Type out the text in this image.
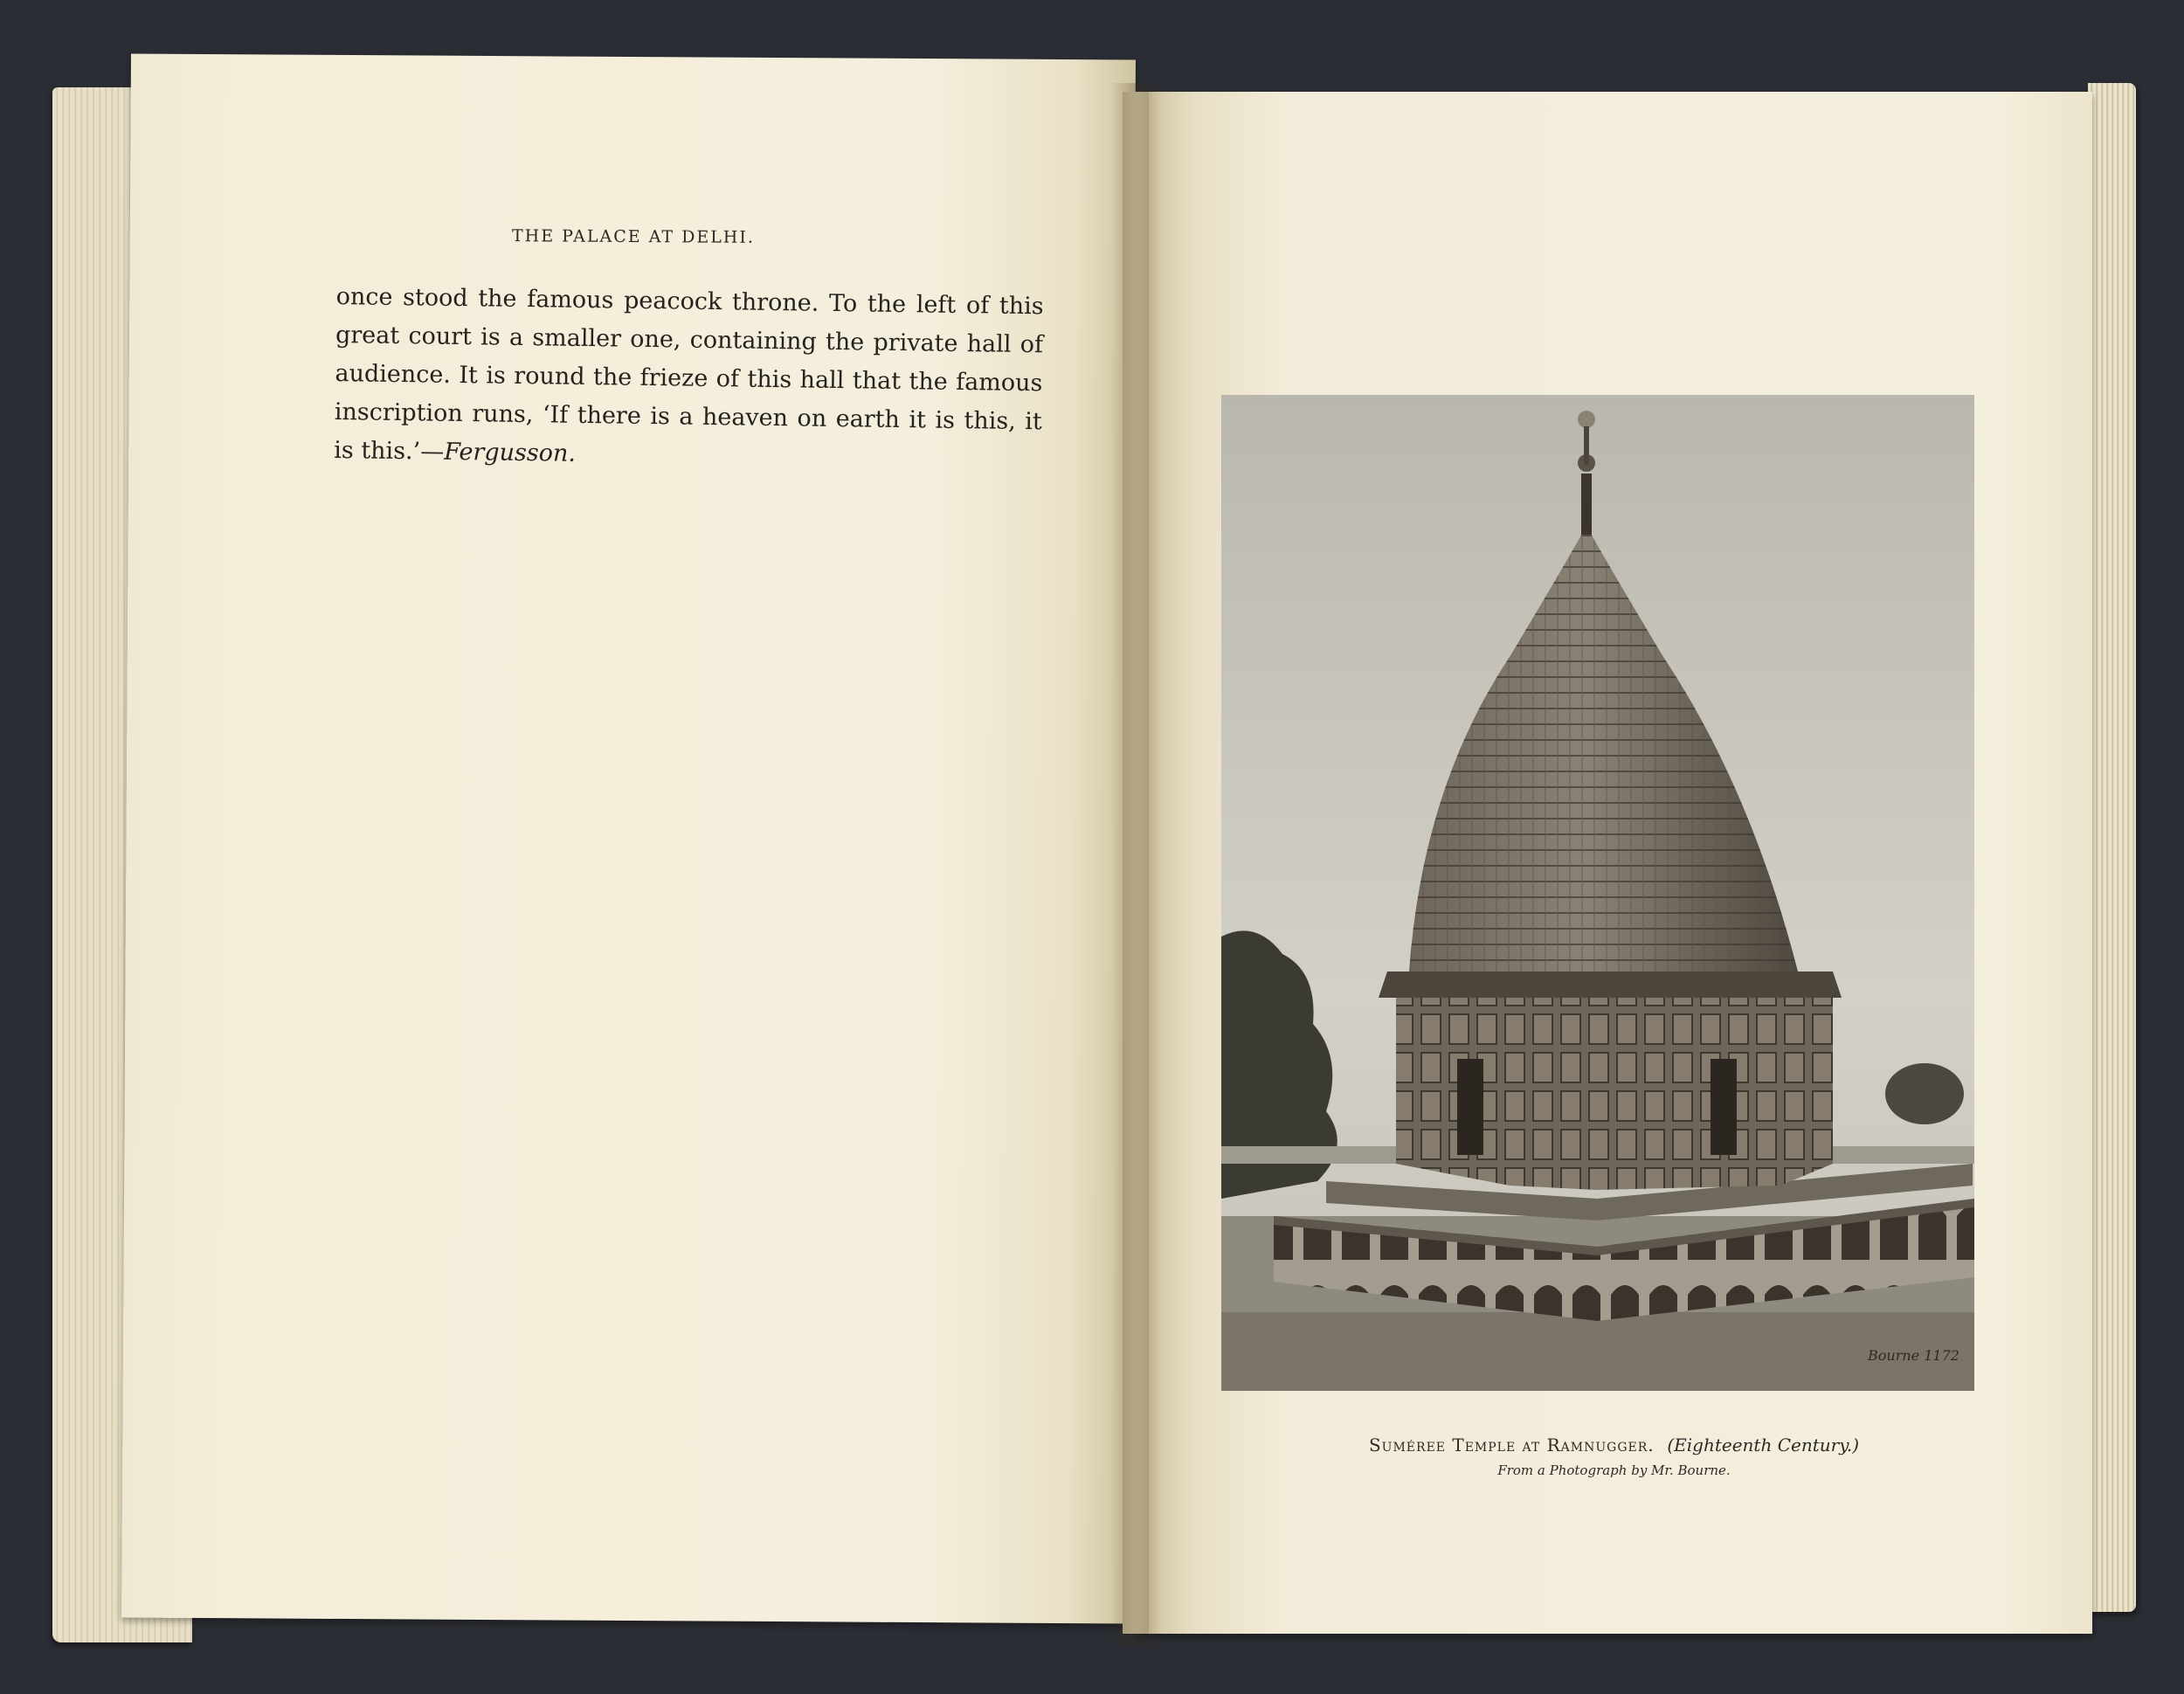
THE PALACE AT DELHI.
once stood the famous peacock throne. To the left of this great court is a smaller one, containing the private hall of audience. It is round the frieze of this hall that the famous inscription runs, ‘If there is a heaven on earth it is this, it is this.’—Fergusson.
Bourne 1172
Suméree Temple at Ramnugger. (Eighteenth Century.)
From a Photograph by Mr. Bourne.
